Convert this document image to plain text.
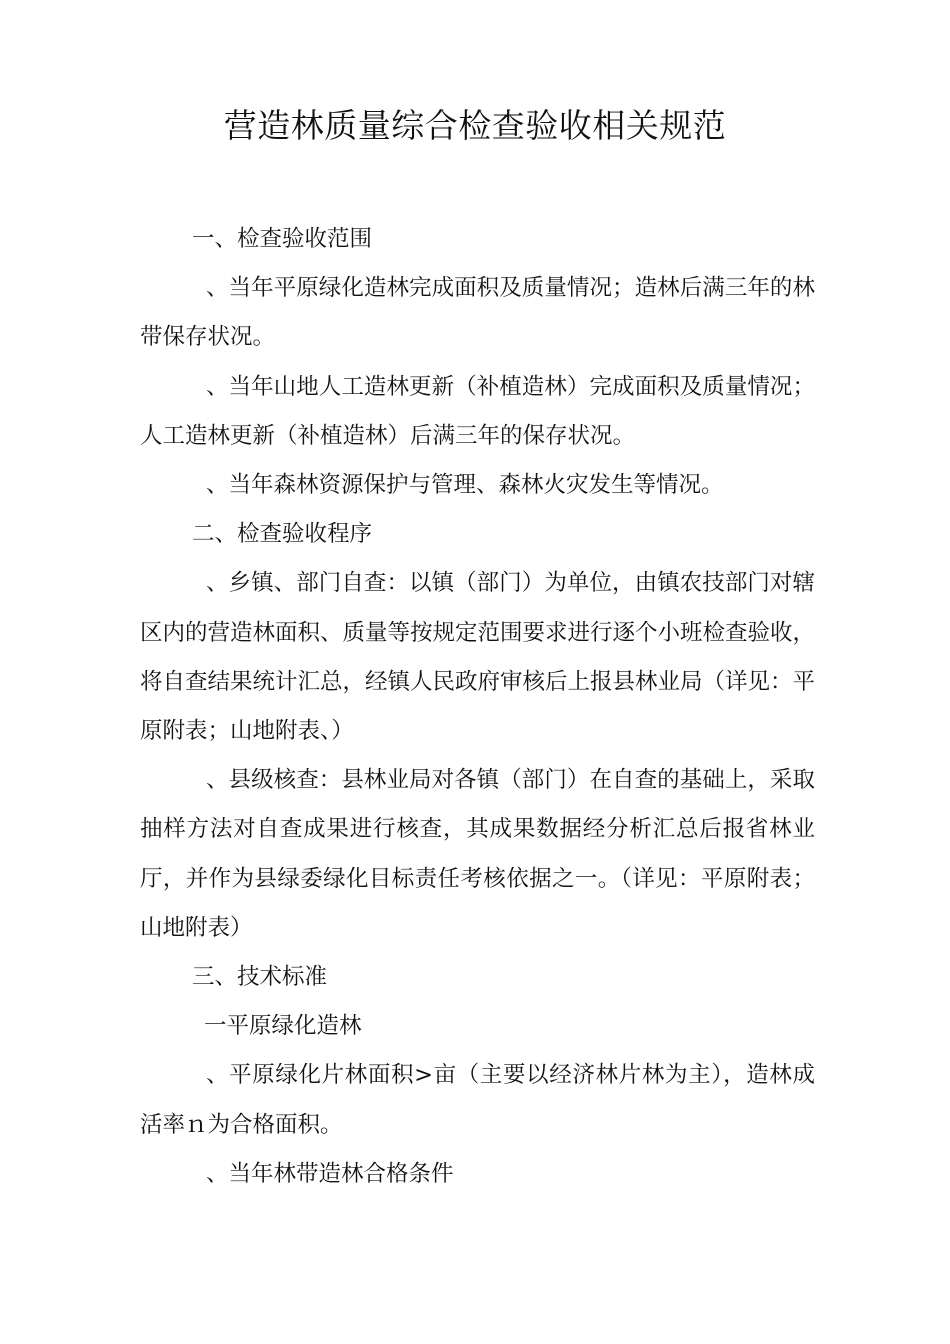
营造林质量综合检查验收相关规范

一、检查验收范围

、当年平原绿化造林完成面积及质量情况；造林后满三年的林带保存状况。

、当年山地人工造林更新（补植造林）完成面积及质量情况；人工造林更新（补植造林）后满三年的保存状况。

、当年森林资源保护与管理、森林火灾发生等情况。

二、检查验收程序

、乡镇、部门自查：以镇（部门）为单位，由镇农技部门对辖区内的营造林面积、质量等按规定范围要求进行逐个小班检查验收，将自查结果统计汇总，经镇人民政府审核后上报县林业局（详见：平原附表；山地附表、）

、县级核查：县林业局对各镇（部门）在自查的基础上，采取抽样方法对自查成果进行核查，其成果数据经分析汇总后报省林业厅，并作为县绿委绿化目标责任考核依据之一。（详见：平原附表；山地附表）

三、技术标准

一平原绿化造林

、平原绿化片林面积>亩（主要以经济林片林为主），造林成活率ｎ为合格面积。

、当年林带造林合格条件
